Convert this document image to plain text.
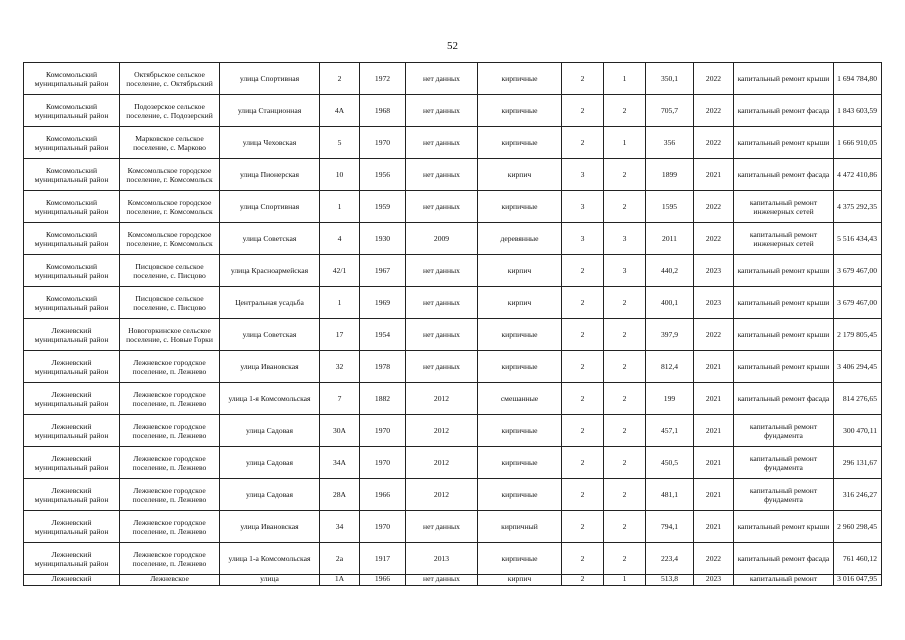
52
Комсомольский муниципальный район	Октябрьское сельское поселение, с. Октябрьский	улица Спортивная	2	1972	нет данных	кирпичные	2	1	350,1	2022	капитальный ремонт крыши	1 694 784,80
Комсомольский муниципальный район	Подозерское сельское поселение, с. Подозерский	улица Станционная	4А	1968	нет данных	кирпичные	2	2	705,7	2022	капитальный ремонт фасада	1 843 603,59
Комсомольский муниципальный район	Марковское сельское поселение, с. Марково	улица Чеховская	5	1970	нет данных	кирпичные	2	1	356	2022	капитальный ремонт крыши	1 666 910,05
Комсомольский муниципальный район	Комсомольское городское поселение, г. Комсомольск	улица Пионерская	10	1956	нет данных	кирпич	3	2	1899	2021	капитальный ремонт фасада	4 472 410,86
Комсомольский муниципальный район	Комсомольское городское поселение, г. Комсомольск	улица Спортивная	1	1959	нет данных	кирпичные	3	2	1595	2022	капитальный ремонт инженерных сетей	4 375 292,35
Комсомольский муниципальный район	Комсомольское городское поселение, г. Комсомольск	улица Советская	4	1930	2009	деревянные	3	3	2011	2022	капитальный ремонт инженерных сетей	5 516 434,43
Комсомольский муниципальный район	Писцовское сельское поселение, с. Писцово	улица Красноармейская	42/1	1967	нет данных	кирпич	2	3	440,2	2023	капитальный ремонт крыши	3 679 467,00
Комсомольский муниципальный район	Писцовское сельское поселение, с. Писцово	Центральная усадьба	1	1969	нет данных	кирпич	2	2	400,1	2023	капитальный ремонт крыши	3 679 467,00
Лежневский муниципальный район	Новогоркинское сельское поселение, с. Новые Горки	улица Советская	17	1954	нет данных	кирпичные	2	2	397,9	2022	капитальный ремонт крыши	2 179 805,45
Лежневский муниципальный район	Лежневское городское поселение, п. Лежнево	улица Ивановская	32	1978	нет данных	кирпичные	2	2	812,4	2021	капитальный ремонт крыши	3 406 294,45
Лежневский муниципальный район	Лежневское городское поселение, п. Лежнево	улица 1-я Комсомольская	7	1882	2012	смешанные	2	2	199	2021	капитальный ремонт фасада	814 276,65
Лежневский муниципальный район	Лежневское городское поселение, п. Лежнево	улица Садовая	30А	1970	2012	кирпичные	2	2	457,1	2021	капитальный ремонт фундамента	300 470,11
Лежневский муниципальный район	Лежневское городское поселение, п. Лежнево	улица Садовая	34А	1970	2012	кирпичные	2	2	450,5	2021	капитальный ремонт фундамента	296 131,67
Лежневский муниципальный район	Лежневское городское поселение, п. Лежнево	улица Садовая	28А	1966	2012	кирпичные	2	2	481,1	2021	капитальный ремонт фундамента	316 246,27
Лежневский муниципальный район	Лежневское городское поселение, п. Лежнево	улица Ивановская	34	1970	нет данных	кирпичный	2	2	794,1	2021	капитальный ремонт крыши	2 960 298,45
Лежневский муниципальный район	Лежневское городское поселение, п. Лежнево	улица 1-а Комсомольская	2а	1917	2013	кирпичные	2	2	223,4	2022	капитальный ремонт фасада	761 460,12
Лежневский	Лежневское	улица	1А	1966	нет данных	кирпич	2	1	513,8	2023	капитальный ремонт	3 016 047,95
